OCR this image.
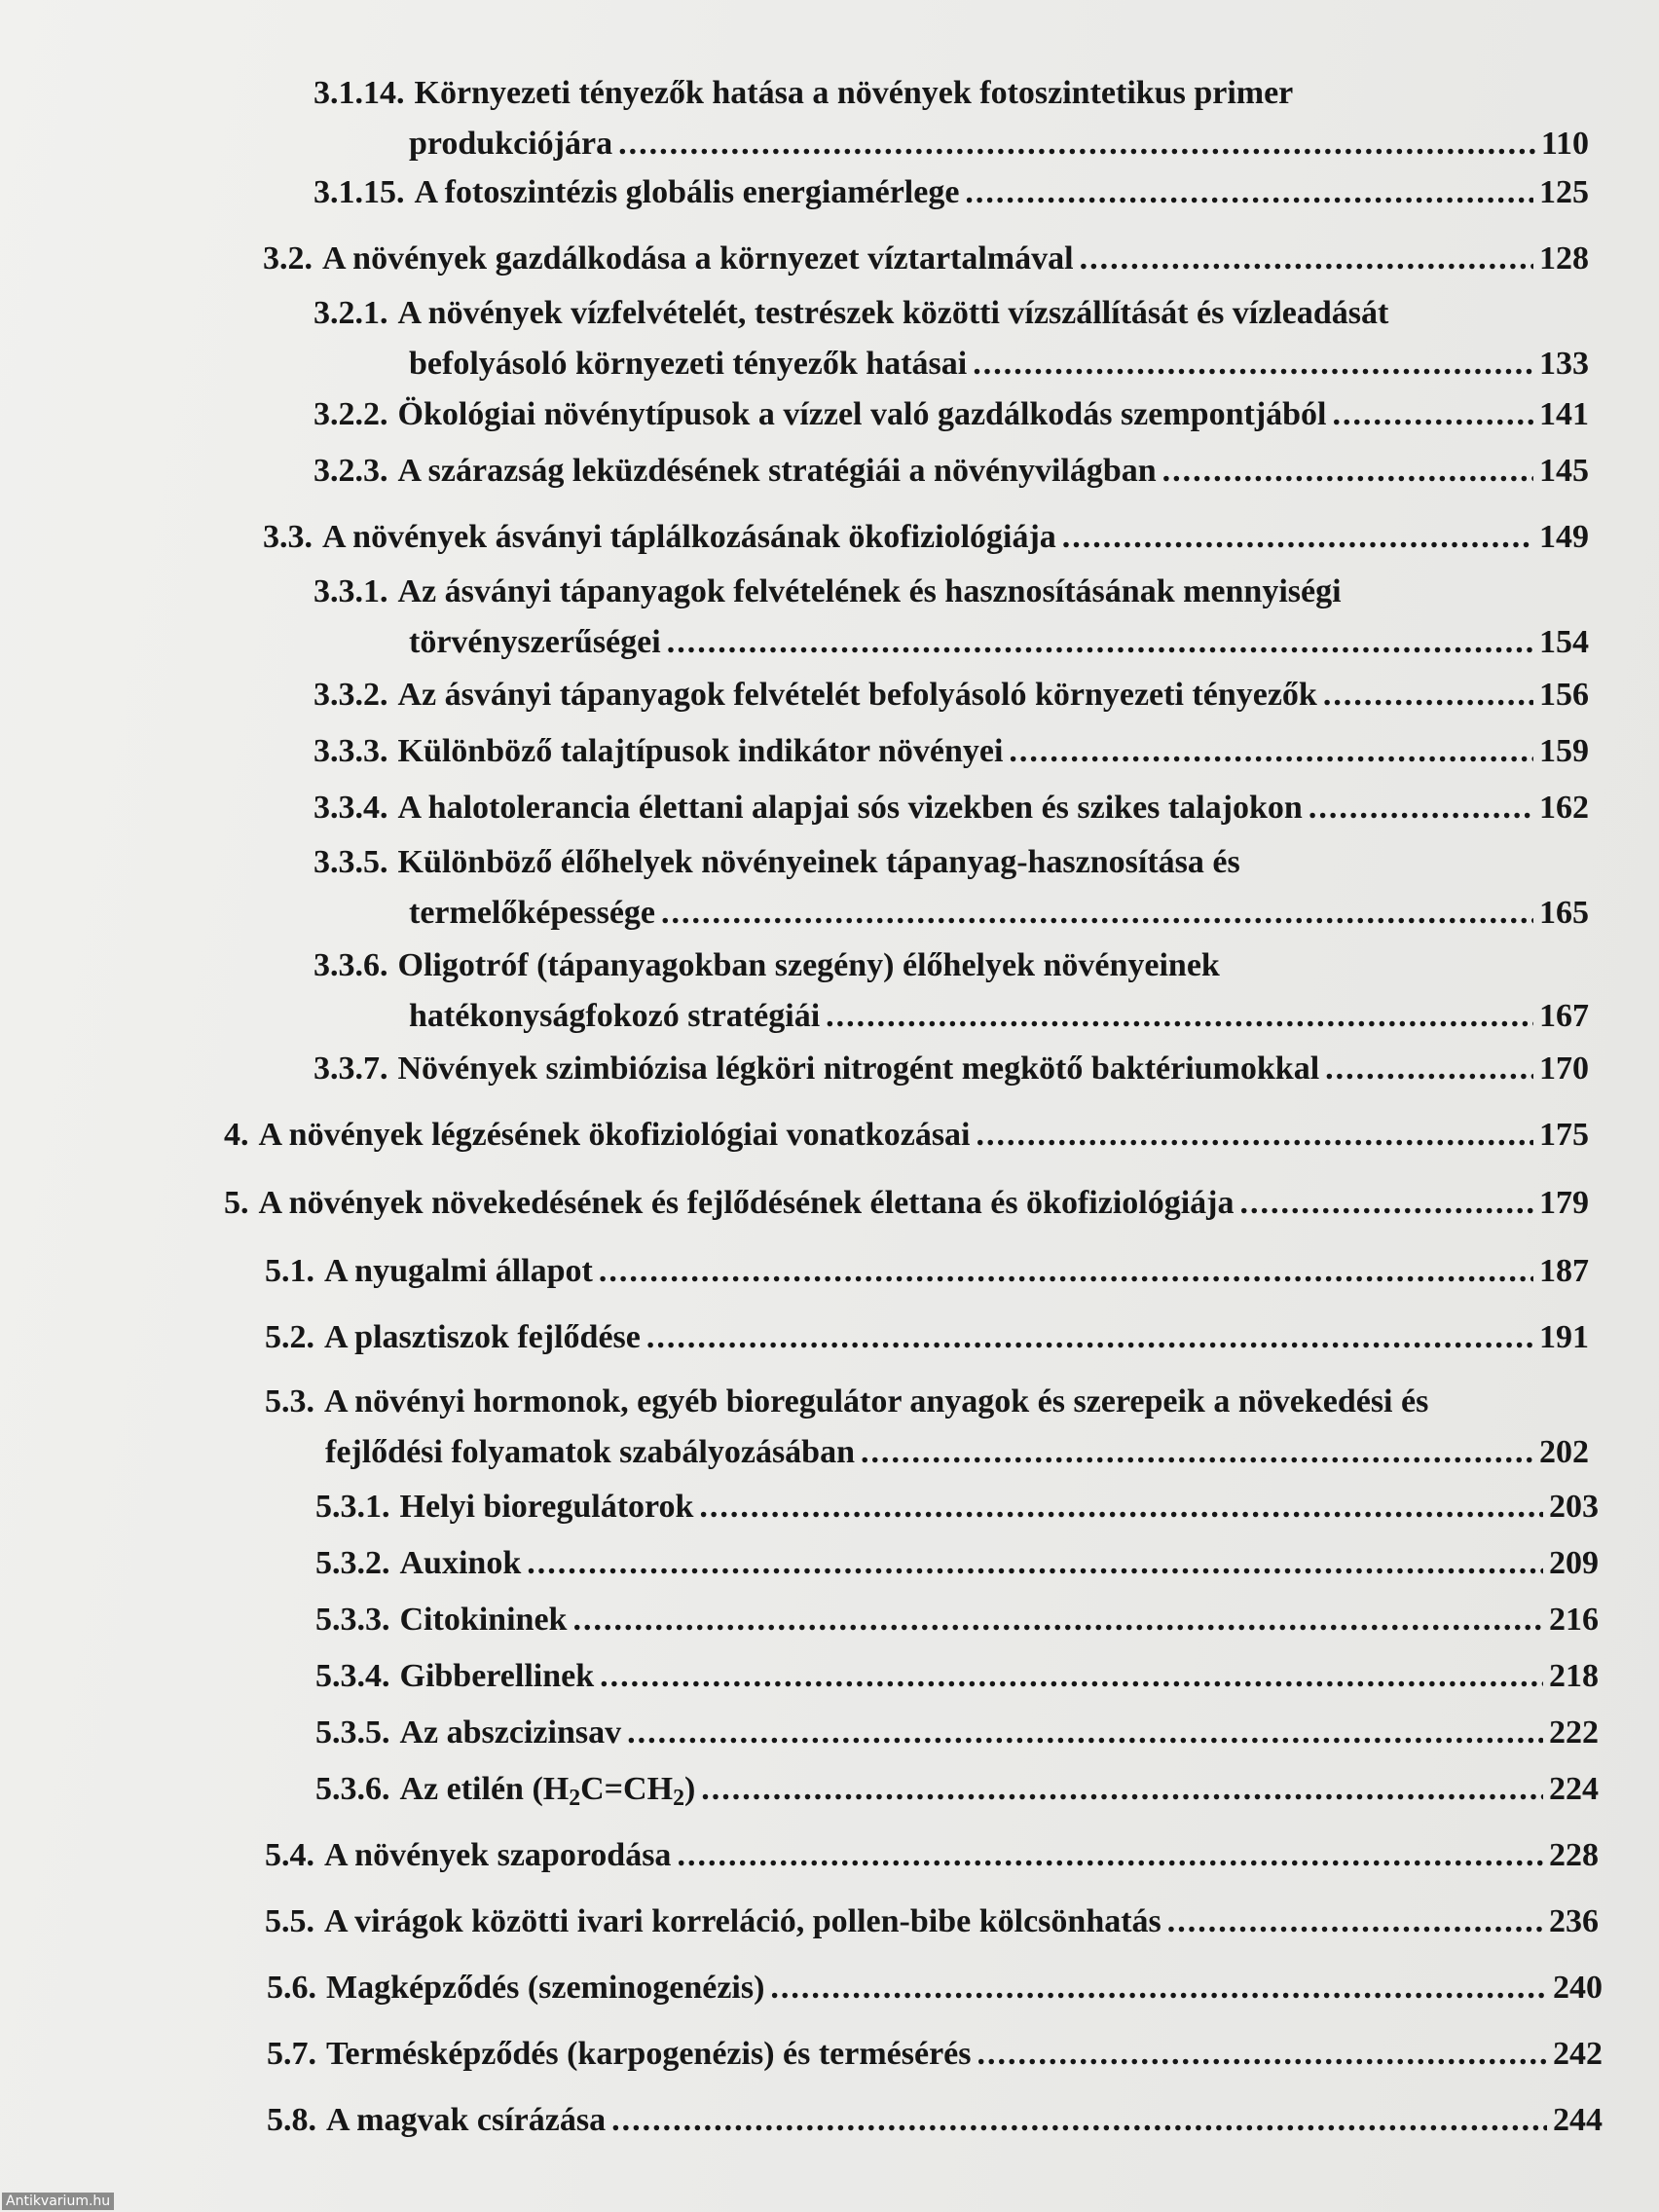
3.1.14. Környezeti tényezők hatása a növények fotoszintetikus primer
produkciójára .....	110
3.1.15. A fotoszintézis globális energiamérlege .....	125
3.2. A növények gazdálkodása a környezet víztartalmával .....	128
3.2.1. A növények vízfelvételét, testrészek közötti vízszállítását és vízleadását
befolyásoló környezeti tényezők hatásai .....	133
3.2.2. Ökológiai növénytípusok a vízzel való gazdálkodás szempontjából .....	141
3.2.3. A szárazság leküzdésének stratégiái a növényvilágban .....	145
3.3. A növények ásványi táplálkozásának ökofiziológiája .....	149
3.3.1. Az ásványi tápanyagok felvételének és hasznosításának mennyiségi
törvényszerűségei .....	154
3.3.2. Az ásványi tápanyagok felvételét befolyásoló környezeti tényezők .....	156
3.3.3. Különböző talajtípusok indikátor növényei .....	159
3.3.4. A halotolerancia élettani alapjai sós vizekben és szikes talajokon .....	162
3.3.5. Különböző élőhelyek növényeinek tápanyag-hasznosítása és
termelőképessége .....	165
3.3.6. Oligotróf (tápanyagokban szegény) élőhelyek növényeinek
hatékonyságfokozó stratégiái .....	167
3.3.7. Növények szimbiózisa légköri nitrogént megkötő baktériumokkal .....	170
4. A növények légzésének ökofiziológiai vonatkozásai .....	175
5. A növények növekedésének és fejlődésének élettana és ökofiziológiája .....	179
5.1. A nyugalmi állapot .....	187
5.2. A plasztiszok fejlődése .....	191
5.3. A növényi hormonok, egyéb bioregulátor anyagok és szerepeik a növekedési és
fejlődési folyamatok szabályozásában .....	202
5.3.1. Helyi bioregulátorok .....	203
5.3.2. Auxinok .....	209
5.3.3. Citokininek .....	216
5.3.4. Gibberellinek .....	218
5.3.5. Az abszcizinsav .....	222
5.3.6. Az etilén $(H_2C=CH_2)$ .....	224
5.4. A növények szaporodása .....	228
5.5. A virágok közötti ivari korreláció, pollen-bibe kölcsönhatás .....	236
5.6. Magképződés (szeminogenézis) .....	240
5.7. Termésképződés (karpogenézis) és termésérés .....	242
5.8. A magvak csírázása .....	244
Antikvarium.hu
